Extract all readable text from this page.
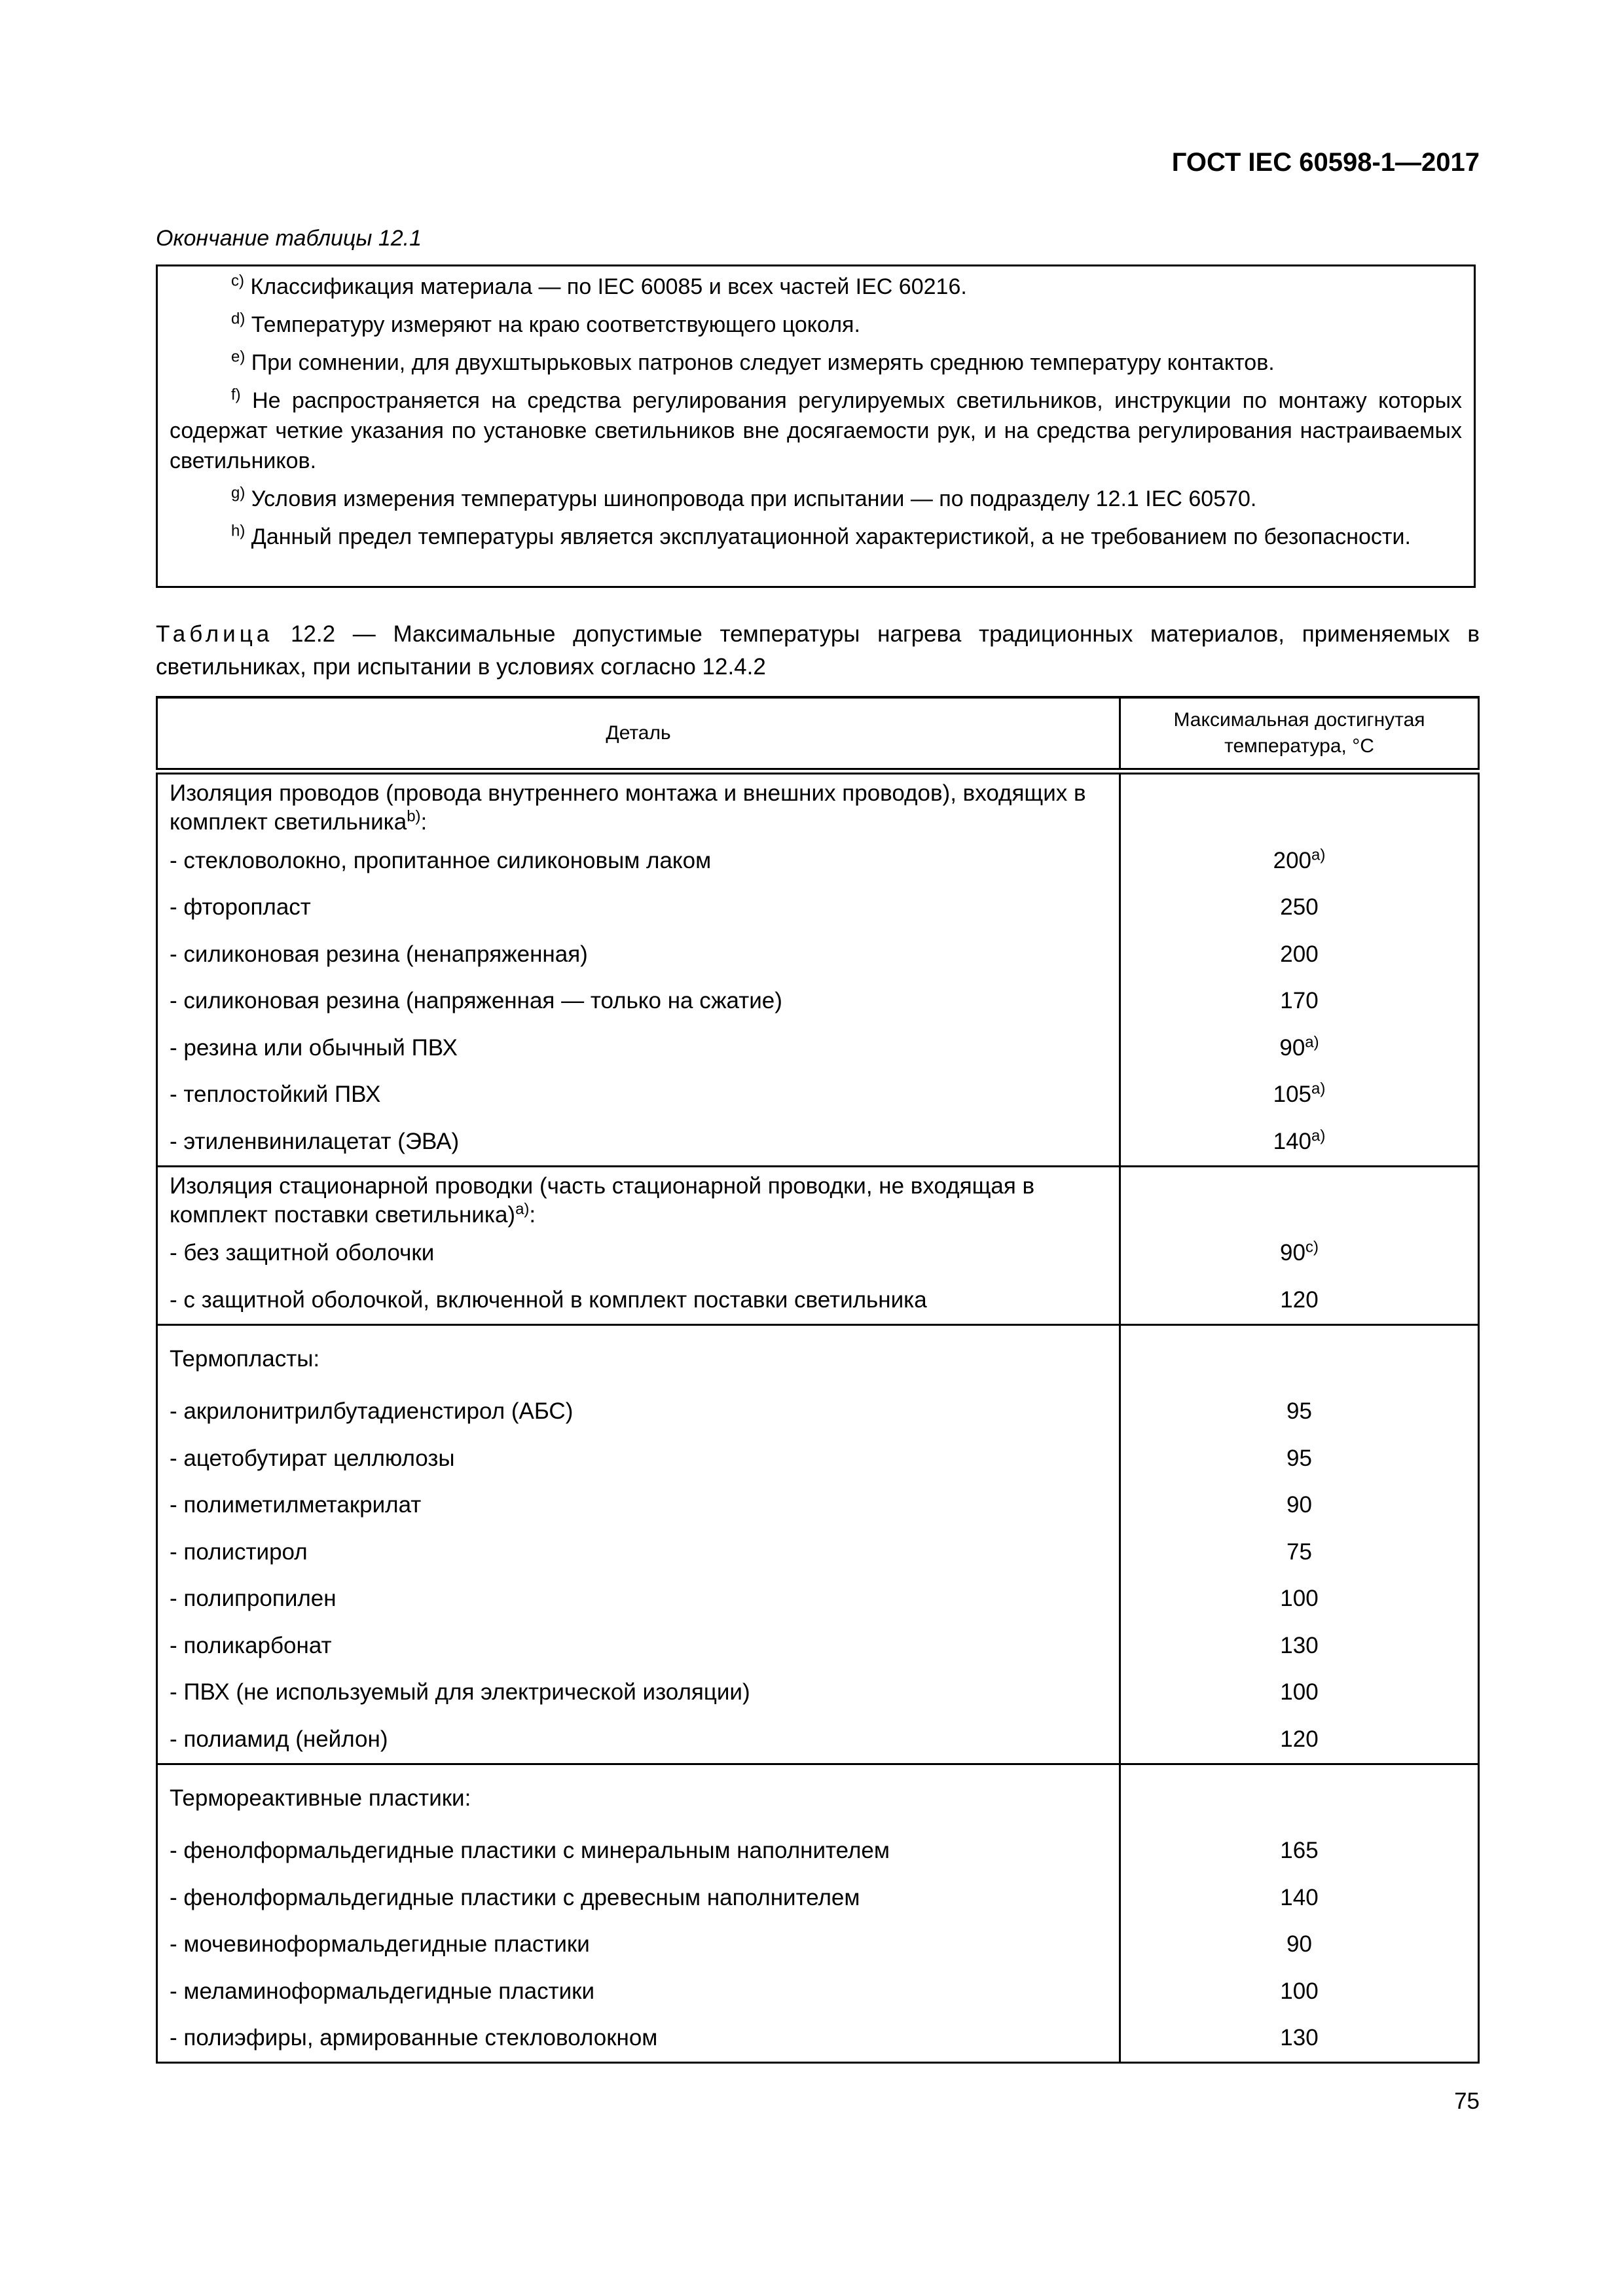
ГОСТ IEC 60598-1—2017
Окончание таблицы 12.1

$^{c)}$ Классификация материала — по IEC 60085 и всех частей IEC 60216.

$^{d)}$ Температуру измеряют на краю соответствующего цоколя.

$^{e)}$ При сомнении, для двухштырьковых патронов следует измерять среднюю температуру контактов.

$^{f)}$ Не распространяется на средства регулирования регулируемых светильников, инструкции по монтажу которых содержат четкие указания по установке светильников вне досягаемости рук, и на средства регулирования настраиваемых светильников.

$^{g)}$ Условия измерения температуры шинопровода при испытании — по подразделу 12.1 IEC 60570.

$^{h)}$ Данный предел температуры является эксплуатационной характеристикой, а не требованием по безопасности.

Таблица 12.2 — Максимальные допустимые температуры нагрева традиционных материалов, применяемых в светильниках, при испытании в условиях согласно 12.4.2
Деталь	Максимальная достигнутая температура, °C
Изоляция проводов (провода внутреннего монтажа и внешних проводов), входящих в комплект светильника$^{b)}$:	
- стекловолокно, пропитанное силиконовым лаком	200$^{a)}$
- фторопласт	250
- силиконовая резина (ненапряженная)	200
- силиконовая резина (напряженная — только на сжатие)	170
- резина или обычный ПВХ	90$^{a)}$
- теплостойкий ПВХ	105$^{a)}$
- этиленвинилацетат (ЭВА)	140$^{a)}$
Изоляция стационарной проводки (часть стационарной проводки, не входящая в комплект поставки светильника)$^{a)}$:	
- без защитной оболочки	90$^{c)}$
- с защитной оболочкой, включенной в комплект поставки светильника	120
Термопласты:	
- акрилонитрилбутадиенстирол (АБС)	95
- ацетобутират целлюлозы	95
- полиметилметакрилат	90
- полистирол	75
- полипропилен	100
- поликарбонат	130
- ПВХ (не используемый для электрической изоляции)	100
- полиамид (нейлон)	120
Термореактивные пластики:	
- фенолформальдегидные пластики с минеральным наполнителем	165
- фенолформальдегидные пластики с древесным наполнителем	140
- мочевиноформальдегидные пластики	90
- меламиноформальдегидные пластики	100
- полиэфиры, армированные стекловолокном	130
75
